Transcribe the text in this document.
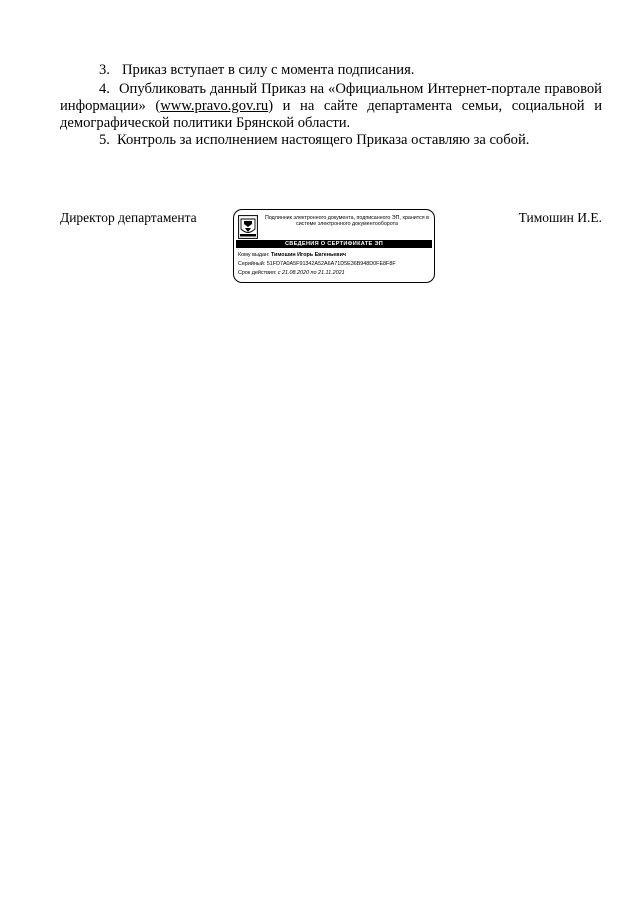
3. Приказ вступает в силу с момента подписания.
4. Опубликовать данный Приказ на «Официальном Интернет-портале правовой информации» (www.pravo.gov.ru) и на сайте департамента семьи, социальной и демографической политики Брянской области.
5. Контроль за исполнением настоящего Приказа оставляю за собой.
Директор департамента	Тимошин И.Е.
Подлинник электронного документа, подписанного ЭП, хранится в системе электронного документооборота
СВЕДЕНИЯ О СЕРТИФИКАТЕ ЭП
Кому выдан: Тимошин Игорь Евгеньевич
Серийный: 51FD7A0A5F91342A52A6A71D5E36B948D0FE8F8F
Срок действия: с 21.08.2020 по 21.11.2021
